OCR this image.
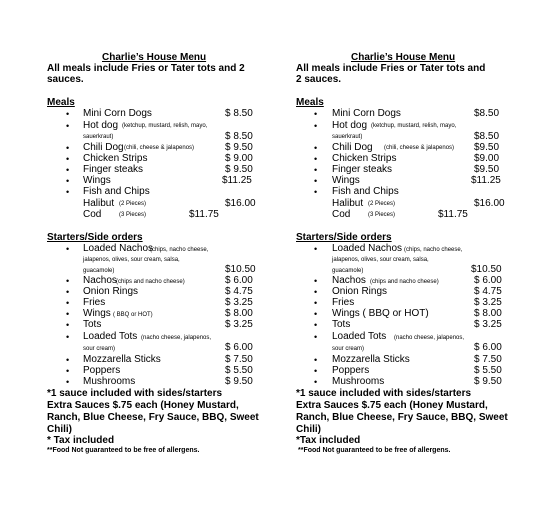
Charlie’s House Menu
All meals include Fries or Tater tots and 2
sauces.
Meals
• Mini Corn Dogs	$ 8.50
• Hot dog (ketchup, mustard, relish, mayo,
sauerkraut)	$ 8.50
• Chili Dog (chili, cheese & jalapenos)	$ 9.50
• Chicken Strips	$ 9.00
• Finger steaks	$ 9.50
• Wings	$11.25
• Fish and Chips
Halibut (2 Pieces)	$16.00
Cod	(3 Pieces)	$11.75
Starters/Side orders
• Loaded Nachos
(chips, nacho cheese,
jalapenos, olives, sour cream, salsa,
guacamole)	$10.50
• Nachos (chips and nacho cheese)	$ 6.00
• Onion Rings	$ 4.75
• Fries	$ 3.25
• Wings ( BBQ or HOT)	$ 8.00
• Tots	$ 3.25
• Loaded Tots (nacho cheese, jalapenos,
sour cream)	$ 6.00
• Mozzarella Sticks	$ 7.50
• Poppers	$ 5.50
• Mushrooms	$ 9.50
*1 sauce included with sides/starters
Extra Sauces $.75 each (Honey Mustard,
Ranch, Blue Cheese, Fry Sauce, BBQ, Sweet
Chili)
* Tax included
**Food Not guaranteed to be free of allergens.
Charlie’s House Menu
All meals include Fries or Tater tots and
2 sauces.
Meals
• Mini Corn Dogs	$8.50
• Hot dog (ketchup, mustard, relish, mayo,
sauerkraut)	$8.50
• Chili Dog (chili, cheese & jalapenos) $9.50
• Chicken Strips	$9.00
• Finger steaks	$9.50
• Wings	$11.25
• Fish and Chips
Halibut (2 Pieces)	$16.00
Cod	(3 Pieces)	$11.75
Starters/Side orders
• Loaded Nachos (chips, nacho cheese,
jalapenos, olives, sour cream, salsa,
guacamole)	$10.50
• Nachos (chips and nacho cheese)	$ 6.00
• Onion Rings	$ 4.75
• Fries	$ 3.25
• Wings ( BBQ or HOT)	$ 8.00
• Tots	$ 3.25
• Loaded Tots (nacho cheese, jalapenos,
sour cream)	$ 6.00
• Mozzarella Sticks	$ 7.50
• Poppers	$ 5.50
• Mushrooms	$ 9.50
*1 sauce included with sides/starters
Extra Sauces $.75 each (Honey Mustard,
Ranch, Blue Cheese, Fry Sauce, BBQ, Sweet
Chili)
*Tax included
**Food Not guaranteed to be free of allergens.
